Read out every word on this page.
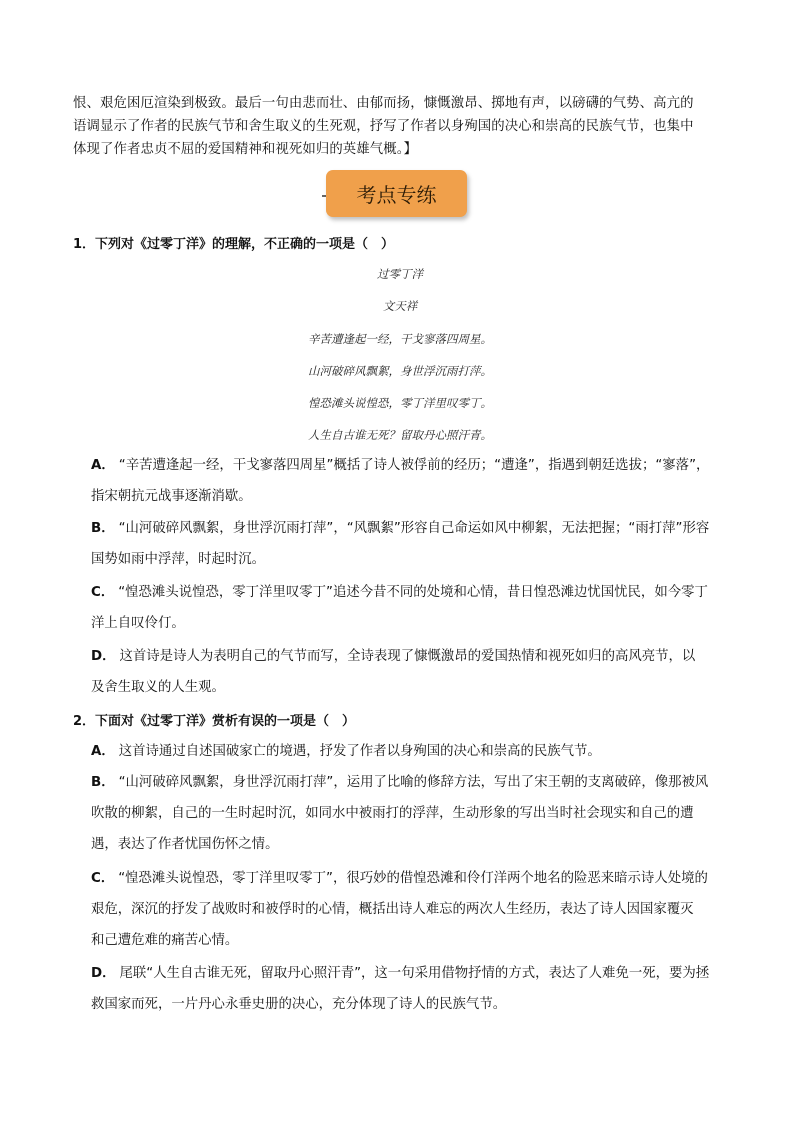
恨、艰危困厄渲染到极致。最后一句由悲而壮、由郁而扬，慷慨激昂、掷地有声，以磅礴的气势、高亢的

语调显示了作者的民族气节和舍生取义的生死观，抒写了作者以身殉国的决心和崇高的民族气节，也集中

体现了作者忠贞不屈的爱国精神和视死如归的英雄气概。】

考点专练
1．下列对《过零丁洋》的理解，不正确的一项是（　）
过零丁洋
文天祥
辛苦遭逢起一经，干戈寥落四周星。
山河破碎风飘絮，身世浮沉雨打萍。
惶恐滩头说惶恐，零丁洋里叹零丁。
人生自古谁无死？留取丹心照汗青。

A． “辛苦遭逢起一经，干戈寥落四周星”概括了诗人被俘前的经历；“遭逢”，指遇到朝廷选拔；“寥落”，

指宋朝抗元战事逐渐消歇。

B． “山河破碎风飘絮，身世浮沉雨打萍”，“风飘絮”形容自己命运如风中柳絮，无法把握；“雨打萍”形容

国势如雨中浮萍，时起时沉。

C． “惶恐滩头说惶恐，零丁洋里叹零丁”追述今昔不同的处境和心情，昔日惶恐滩边忧国忧民，如今零丁

洋上自叹伶仃。

D． 这首诗是诗人为表明自己的气节而写，全诗表现了慷慨激昂的爱国热情和视死如归的高风亮节，以

及舍生取义的人生观。

2．下面对《过零丁洋》赏析有误的一项是（　）

A． 这首诗通过自述国破家亡的境遇，抒发了作者以身殉国的决心和崇高的民族气节。

B． “山河破碎风飘絮，身世浮沉雨打萍”，运用了比喻的修辞方法，写出了宋王朝的支离破碎，像那被风

吹散的柳絮，自己的一生时起时沉，如同水中被雨打的浮萍，生动形象的写出当时社会现实和自己的遭

遇，表达了作者忧国伤怀之情。

C． “惶恐滩头说惶恐，零丁洋里叹零丁”，很巧妙的借惶恐滩和伶仃洋两个地名的险恶来暗示诗人处境的

艰危，深沉的抒发了战败时和被俘时的心情，概括出诗人难忘的两次人生经历，表达了诗人因国家覆灭

和己遭危难的痛苦心情。

D． 尾联“人生自古谁无死，留取丹心照汗青”，这一句采用借物抒情的方式，表达了人难免一死，要为拯

救国家而死，一片丹心永垂史册的决心，充分体现了诗人的民族气节。
